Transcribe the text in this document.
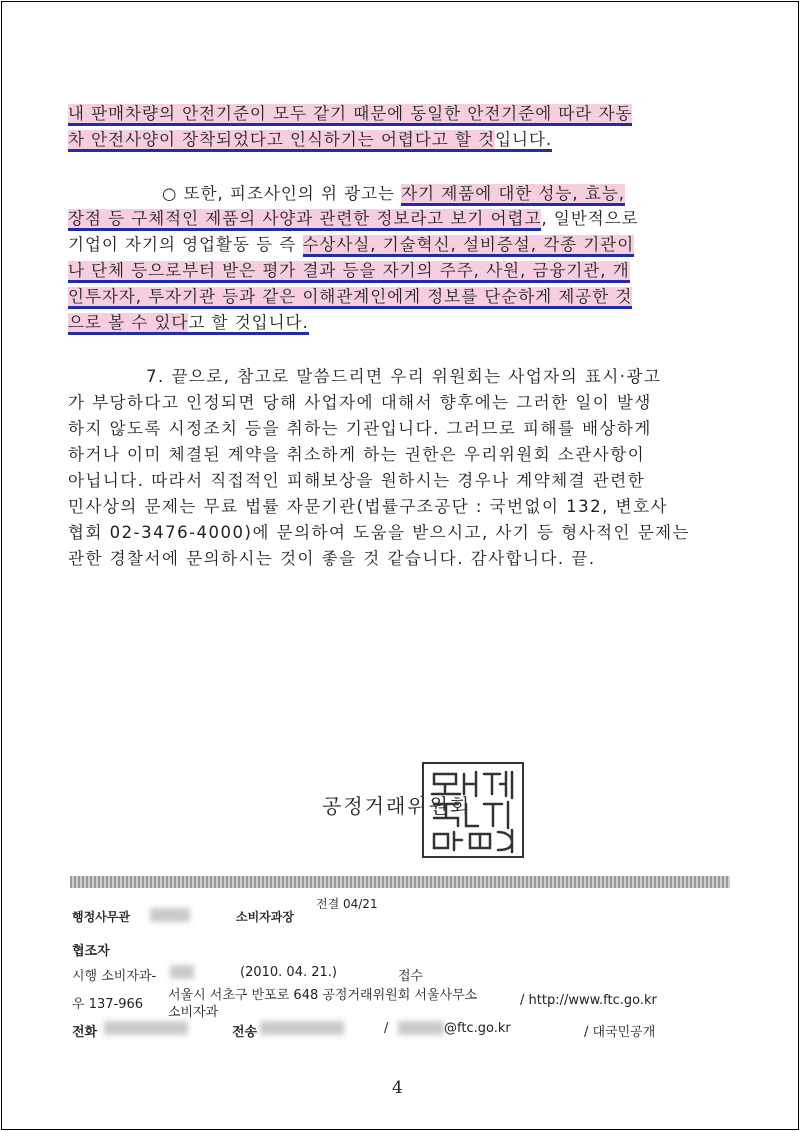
내 판매차량의 안전기준이 모두 같기 때문에 동일한 안전기준에 따라 자동
차 안전사양이 장착되었다고 인식하기는 어렵다고 할 것입니다.
○ 또한, 피조사인의 위 광고는 자기 제품에 대한 성능, 효능,
장점 등 구체적인 제품의 사양과 관련한 정보라고 보기 어렵고, 일반적으로
기업이 자기의 영업활동 등 즉 수상사실, 기술혁신, 설비증설, 각종 기관이
나 단체 등으로부터 받은 평가 결과 등을 자기의 주주, 사원, 금융기관, 개
인투자자, 투자기관 등과 같은 이해관계인에게 정보를 단순하게 제공한 것
으로 볼 수 있다고 할 것입니다.
7. 끝으로, 참고로 말씀드리면 우리 위원회는 사업자의 표시·광고
가 부당하다고 인정되면 당해 사업자에 대해서 향후에는 그러한 일이 발생
하지 않도록 시정조치 등을 취하는 기관입니다. 그러므로 피해를 배상하게
하거나 이미 체결된 계약을 취소하게 하는 권한은 우리위원회 소관사항이
아닙니다. 따라서 직접적인 피해보상을 원하시는 경우나 계약체결 관련한
민사상의 문제는 무료 법률 자문기관(법률구조공단 : 국번없이 132, 변호사
협회 02-3476-4000)에 문의하여 도움을 받으시고, 사기 등 형사적인 문제는
관한 경찰서에 문의하시는 것이 좋을 것 같습니다. 감사합니다. 끝.
공정거래위원회
전결 04/21
행정사무관	소비자과장
협조자
시행 소비자과-	(2010. 04. 21.)	접수
우 137-966
서울시 서초구 반포로 648 공정거래위원회 서울사무소
소비자과
/ http://www.ftc.go.kr
전화	전송	/	@ftc.go.kr	/ 대국민공개
4
